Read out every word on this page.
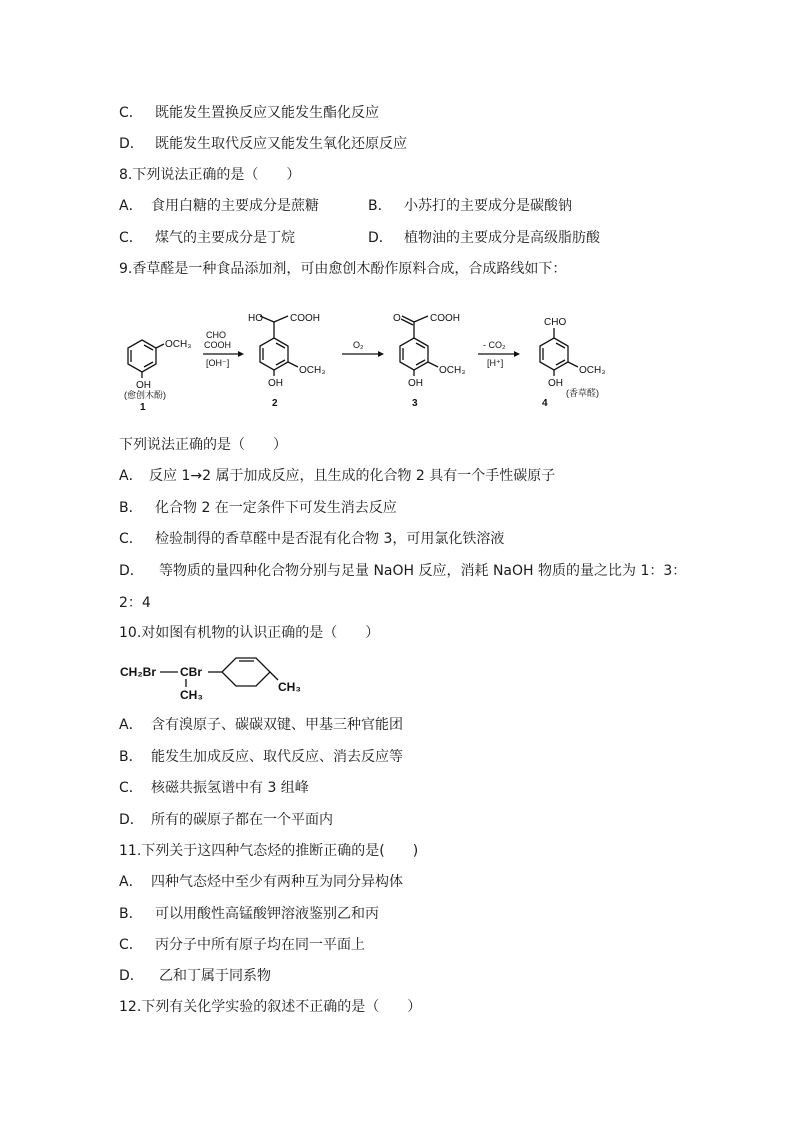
C． 既能发生置换反应又能发生酯化反应
D． 既能发生取代反应又能发生氧化还原反应
8.下列说法正确的是（　　）
A． 食用白糖的主要成分是蔗糖	B． 小苏打的主要成分是碳酸钠
C． 煤气的主要成分是丁烷	D． 植物油的主要成分是高级脂肪酸
9.香草醛是一种食品添加剂，可由愈创木酚作原料合成，合成路线如下：
OCH₃
OH
(愈创木酚)
1
CHO
COOH
[OH⁻]
HO	COOH
OCH₃
OH
2
O₂
O	COOH
OCH₃
OH
3
- CO₂
[H⁺]
CHO
OCH₃
OH
(香草醛)
4
下列说法正确的是（　　）
A． 反应 1→2 属于加成反应，且生成的化合物 2 具有一个手性碳原子
B． 化合物 2 在一定条件下可发生消去反应
C． 检验制得的香草醛中是否混有化合物 3，可用氯化铁溶液
D． 等物质的量四种化合物分别与足量 NaOH 反应，消耗 NaOH 物质的量之比为 1：3：
2：4
10.对如图有机物的认识正确的是（　　）
CH₂Br CBr
CH₃
CH₃
A． 含有溴原子、碳碳双键、甲基三种官能团
B． 能发生加成反应、取代反应、消去反应等
C． 核磁共振氢谱中有 3 组峰
D． 所有的碳原子都在一个平面内
11.下列关于这四种气态烃的推断正确的是(　　)
A． 四种气态烃中至少有两种互为同分异构体
B． 可以用酸性高锰酸钾溶液鉴别乙和丙
C． 丙分子中所有原子均在同一平面上
D． 乙和丁属于同系物
12.下列有关化学实验的叙述不正确的是（　　）
